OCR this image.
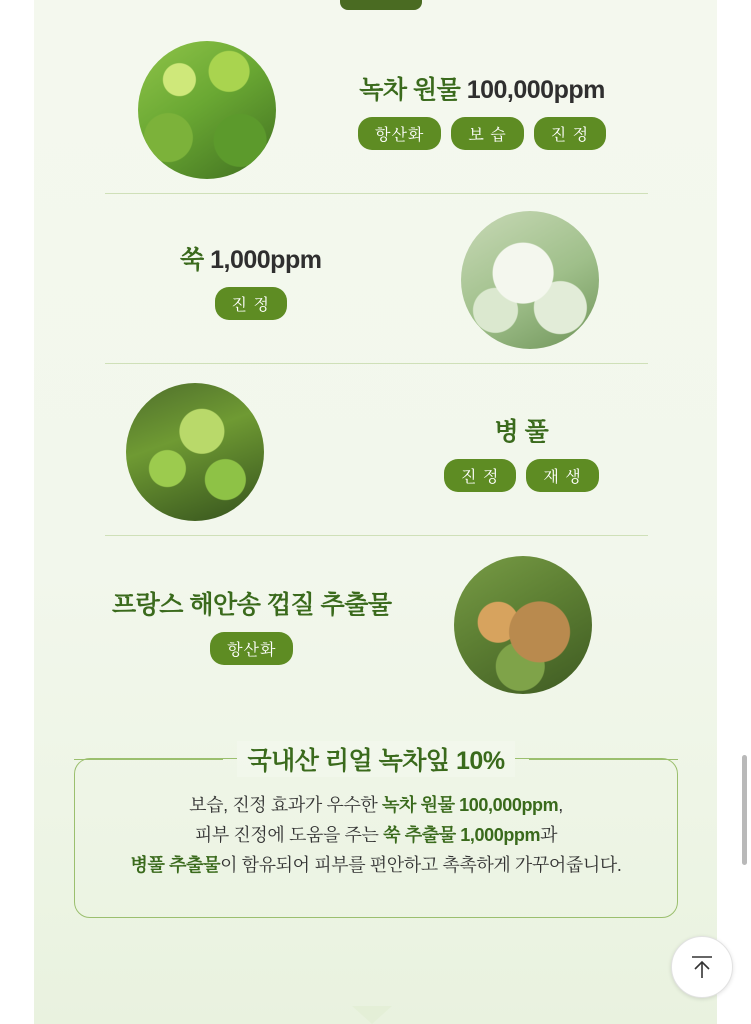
녹차 원물 100,000ppm
항산화	보 습	진 정
쑥 1,000ppm
진 정
병 풀
진 정	재 생
프랑스 해안송 껍질 추출물
항산화
국내산 리얼 녹차잎 10%
보습, 진정 효과가 우수한 녹차 원물 100,000ppm,
피부 진정에 도움을 주는 쑥 추출물 1,000ppm과
병풀 추출물이 함유되어 피부를 편안하고 촉촉하게 가꾸어줍니다.
